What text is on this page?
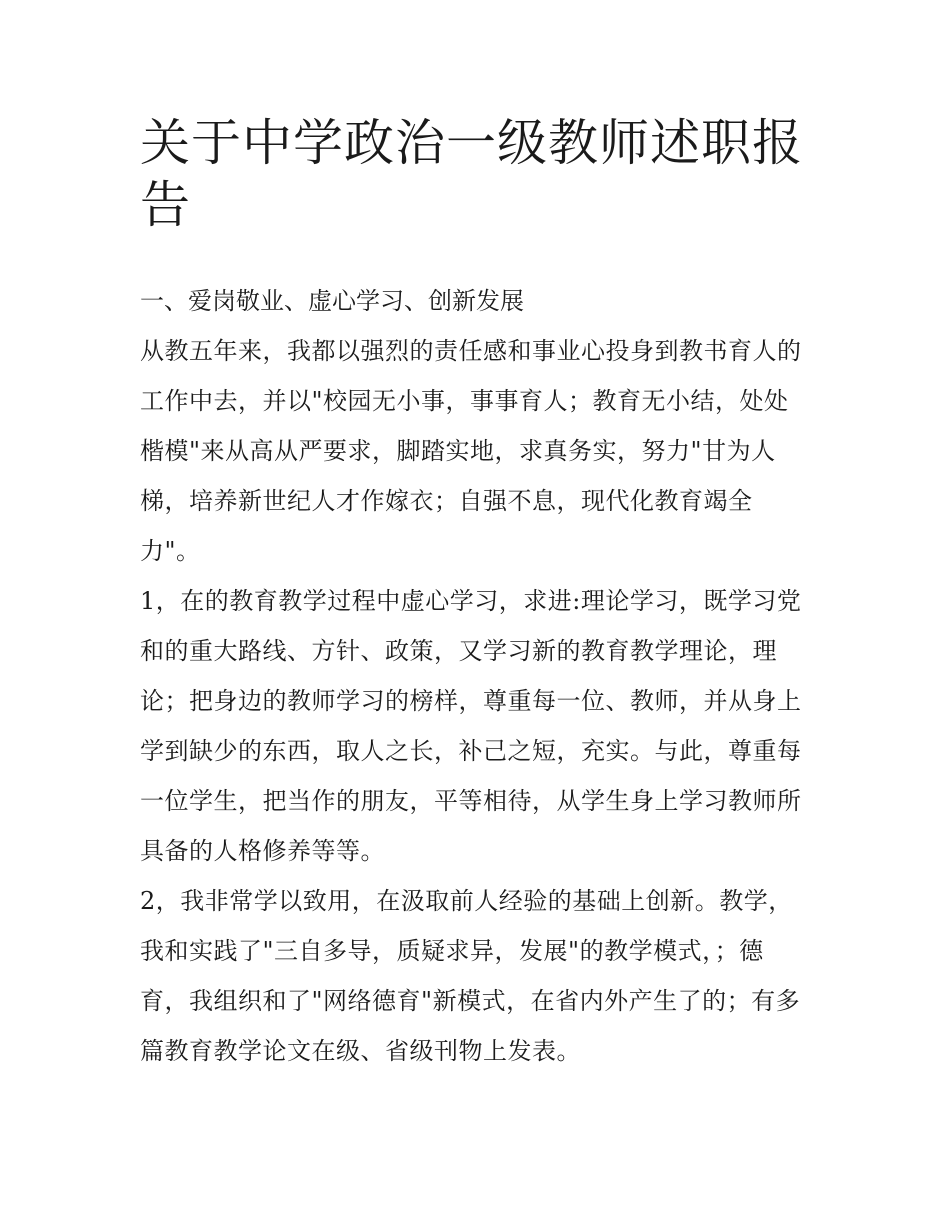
关于中学政治一级教师述职报
告

一、爱岗敬业、虚心学习、创新发展

从教五年来，我都以强烈的责任感和事业心投身到教书育人的
工作中去，并以"校园无小事，事事育人；教育无小结，处处
楷模"来从高从严要求，脚踏实地，求真务实，努力"甘为人
梯，培养新世纪人才作嫁衣；自强不息，现代化教育竭全
力"。
1，在的教育教学过程中虚心学习，求进:理论学习，既学习党
和的重大路线、方针、政策，又学习新的教育教学理论，理
论；把身边的教师学习的榜样，尊重每一位、教师，并从身上
学到缺少的东西，取人之长，补己之短，充实。与此，尊重每
一位学生，把当作的朋友，平等相待，从学生身上学习教师所
具备的人格修养等等。
2，我非常学以致用，在汲取前人经验的基础上创新。教学，
我和实践了"三自多导，质疑求异，发展"的教学模式，；德
育，我组织和了"网络德育"新模式，在省内外产生了的；有多
篇教育教学论文在级、省级刊物上发表。
